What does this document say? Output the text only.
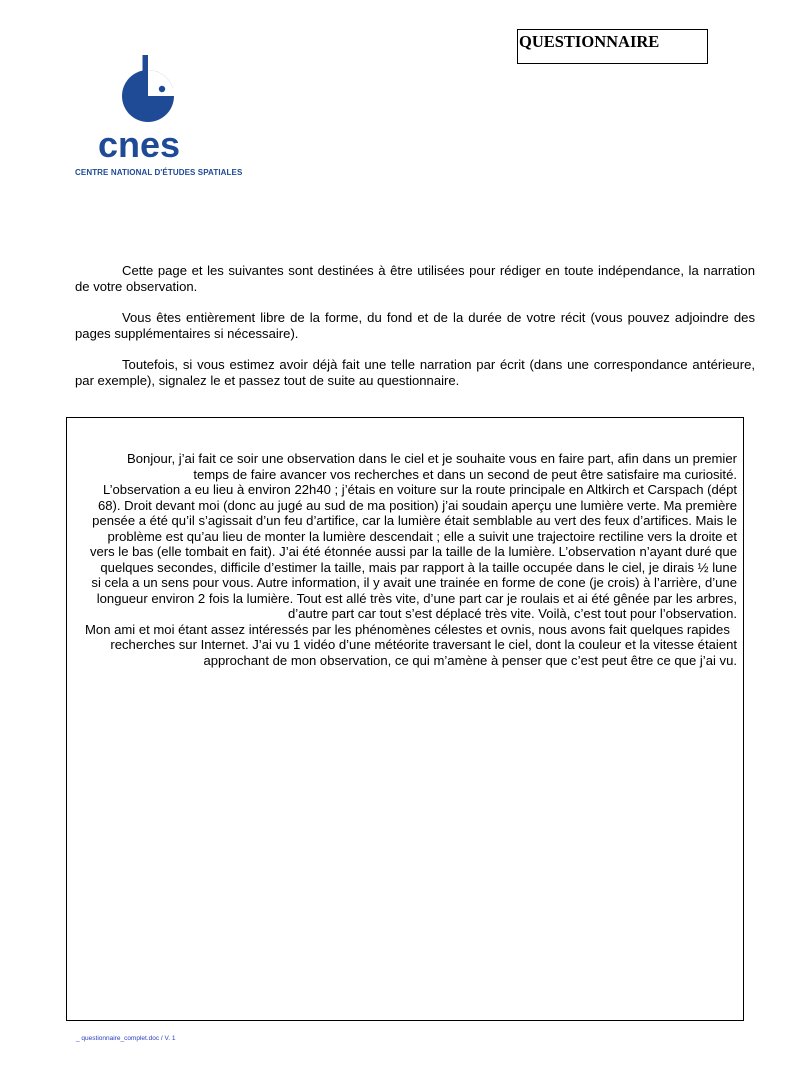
QUESTIONNAIRE
cnes
CENTRE NATIONAL D'ÉTUDES SPATIALES

Cette page et les suivantes sont destinées à être utilisées pour rédiger en toute indépendance, la narration de votre observation.

Vous êtes entièrement libre de la forme, du fond et de la durée de votre récit (vous pouvez adjoindre des pages supplémentaires si nécessaire).

Toutefois, si vous estimez avoir déjà fait une telle narration par écrit (dans une correspondance antérieure, par exemple), signalez le et passez tout de suite au questionnaire.

Bonjour, j’ai fait ce soir une observation dans le ciel et je souhaite vous en faire part, afin dans un premier
temps de faire avancer vos recherches et dans un second de peut être satisfaire ma curiosité.
L’observation a eu lieu à environ 22h40 ; j’étais en voiture sur la route principale en Altkirch et Carspach (dépt
68). Droit devant moi (donc au jugé au sud de ma position) j’ai soudain aperçu une lumière verte. Ma première
pensée a été qu’il s’agissait d’un feu d’artifice, car la lumière était semblable au vert des feux d’artifices. Mais le
problème est qu’au lieu de monter la lumière descendait ; elle a suivit une trajectoire rectiline vers la droite et
vers le bas (elle tombait en fait). J’ai été étonnée aussi par la taille de la lumière. L’observation n’ayant duré que
quelques secondes, difficile d’estimer la taille, mais par rapport à la taille occupée dans le ciel, je dirais ½ lune
si cela a un sens pour vous. Autre information, il y avait une trainée en forme de cone (je crois) à l’arrière, d’une
longueur environ 2 fois la lumière. Tout est allé très vite, d’une part car je roulais et ai été gênée par les arbres,
d’autre part car tout s’est déplacé très vite. Voilà, c’est tout pour l’observation.
Mon ami et moi étant assez intéressés par les phénomènes célestes et ovnis, nous avons fait quelques rapides
recherches sur Internet. J’ai vu 1 vidéo d’une météorite traversant le ciel, dont la couleur et la vitesse étaient
approchant de mon observation, ce qui m’amène à penser que c’est peut être ce que j’ai vu.
_ questionnaire_complet.doc / V. 1
